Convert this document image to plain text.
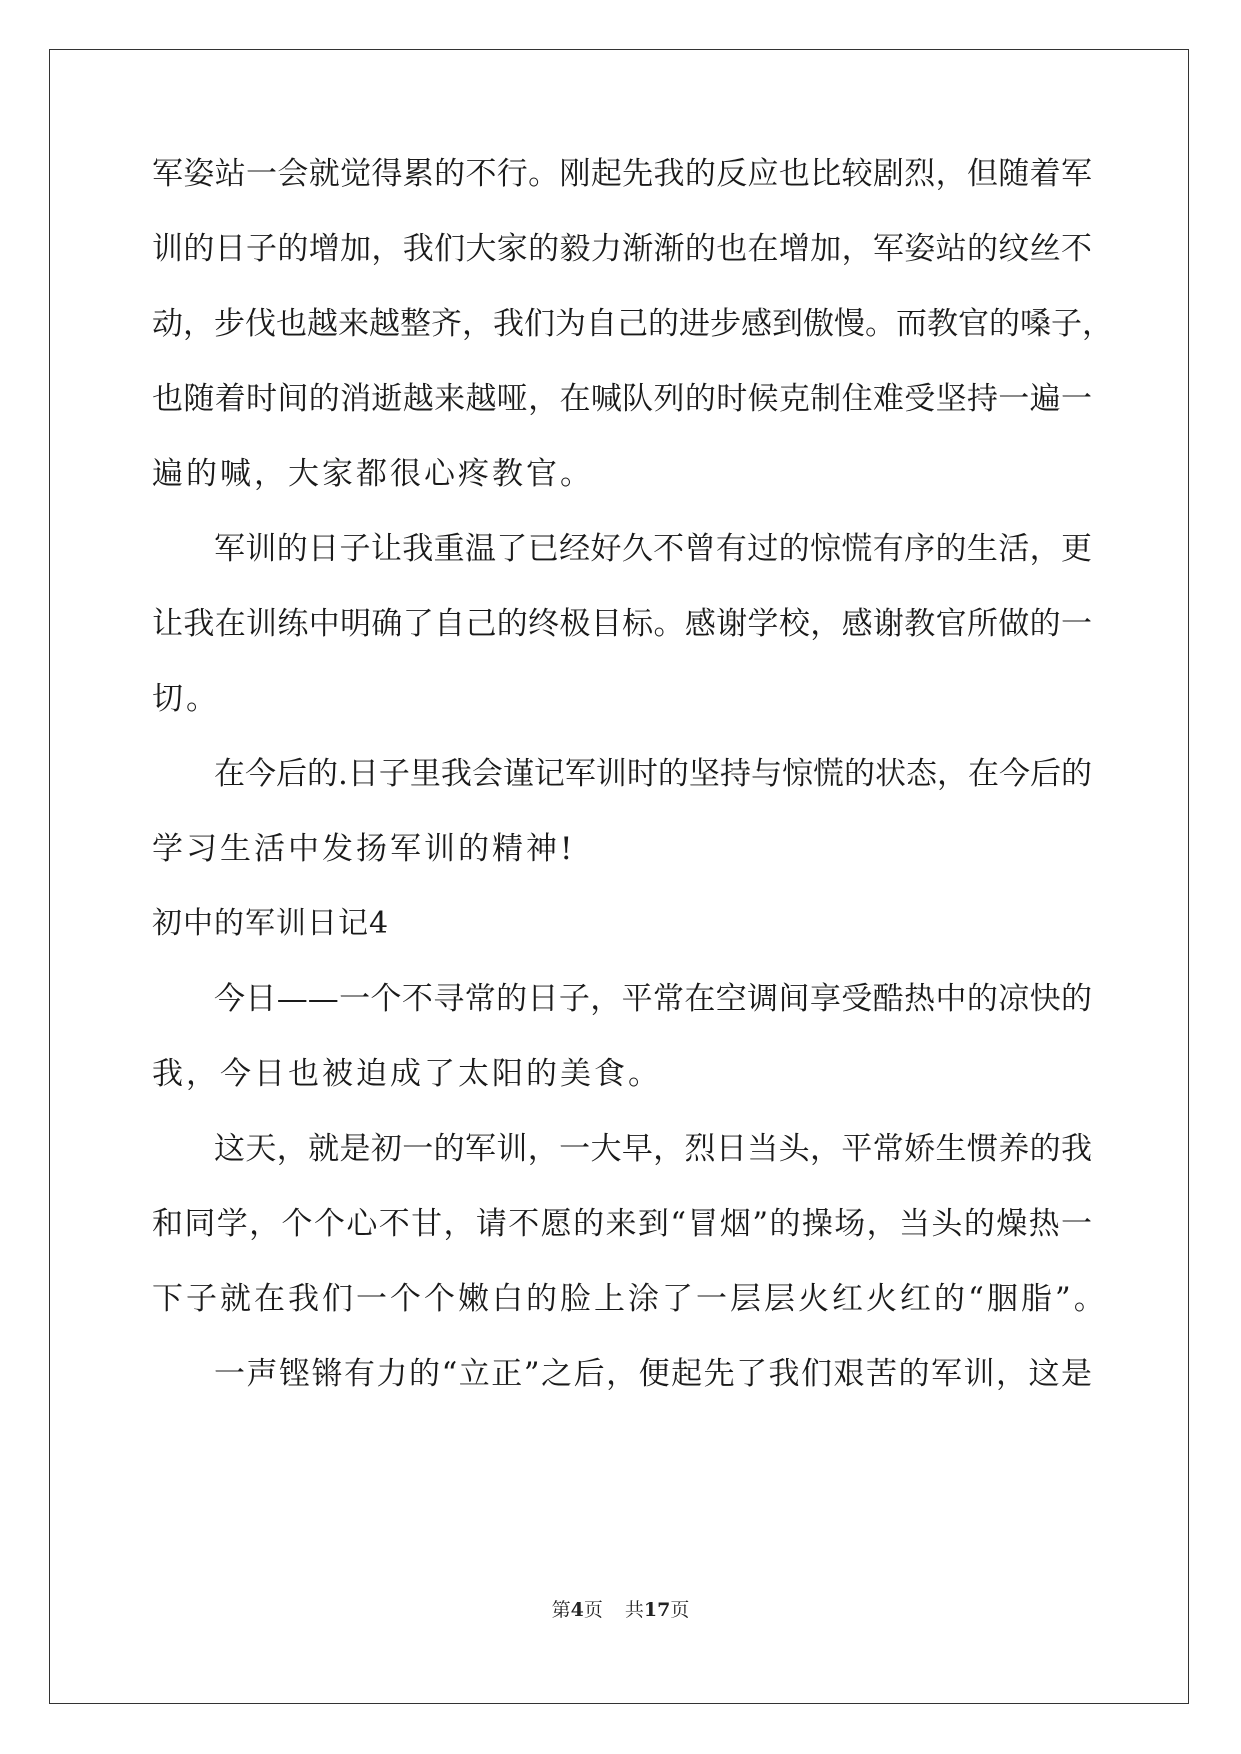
军姿站一会就觉得累的不行。刚起先我的反应也比较剧烈，但随着军
训的日子的增加，我们大家的毅力渐渐的也在增加，军姿站的纹丝不
动，步伐也越来越整齐，我们为自己的进步感到傲慢。而教官的嗓子，
也随着时间的消逝越来越哑，在喊队列的时候克制住难受坚持一遍一
遍的喊，大家都很心疼教官。
军训的日子让我重温了已经好久不曾有过的惊慌有序的生活，更
让我在训练中明确了自己的终极目标。感谢学校，感谢教官所做的一
切。
在今后的.日子里我会谨记军训时的坚持与惊慌的状态，在今后的
学习生活中发扬军训的精神!
初中的军训日记4
今日——一个不寻常的日子，平常在空调间享受酷热中的凉快的
我，今日也被迫成了太阳的美食。
这天，就是初一的军训，一大早，烈日当头，平常娇生惯养的我
和同学，个个心不甘，请不愿的来到“冒烟”的操场，当头的燥热一
下子就在我们一个个嫩白的脸上涂了一层层火红火红的“胭脂”。
一声铿锵有力的“立正”之后，便起先了我们艰苦的军训，这是
第4页 共17页
